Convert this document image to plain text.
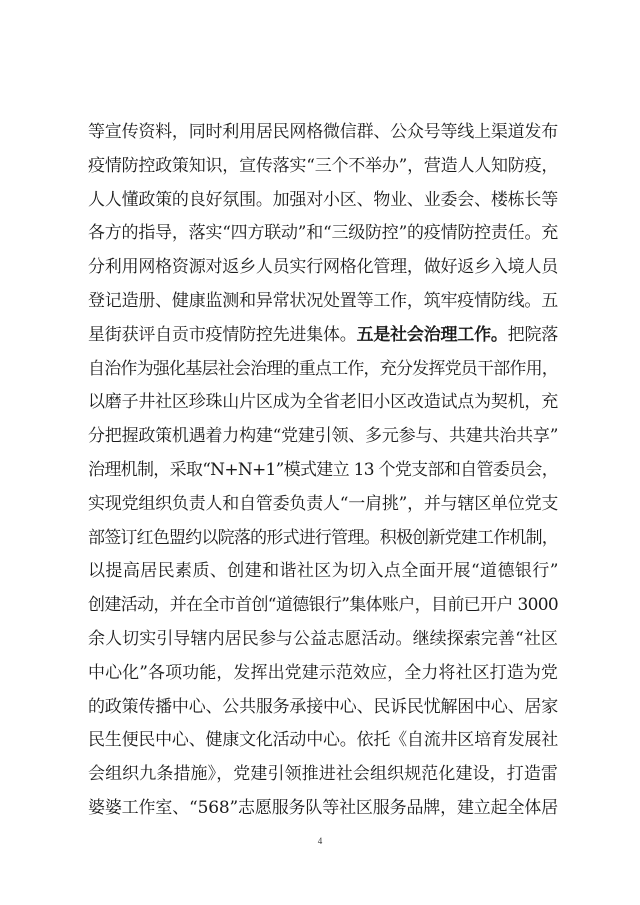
等宣传资料，同时利用居民网格微信群、公众号等线上渠道发布
疫情防控政策知识，宣传落实“三个不举办”，营造人人知防疫，
人人懂政策的良好氛围。加强对小区、物业、业委会、楼栋长等
各方的指导，落实“四方联动”和“三级防控”的疫情防控责任。充
分利用网格资源对返乡人员实行网格化管理，做好返乡入境人员
登记造册、健康监测和异常状况处置等工作，筑牢疫情防线。五
星街获评自贡市疫情防控先进集体。五是社会治理工作。把院落
自治作为强化基层社会治理的重点工作，充分发挥党员干部作用，
以磨子井社区珍珠山片区成为全省老旧小区改造试点为契机，充
分把握政策机遇着力构建“党建引领、多元参与、共建共治共享”
治理机制，采取“N+N+1”模式建立 13 个党支部和自管委员会，
实现党组织负责人和自管委负责人“一肩挑”，并与辖区单位党支
部签订红色盟约以院落的形式进行管理。积极创新党建工作机制，
以提高居民素质、创建和谐社区为切入点全面开展“道德银行”
创建活动，并在全市首创“道德银行”集体账户，目前已开户 3000
余人切实引导辖内居民参与公益志愿活动。继续探索完善“社区
中心化”各项功能，发挥出党建示范效应，全力将社区打造为党
的政策传播中心、公共服务承接中心、民诉民忧解困中心、居家
民生便民中心、健康文化活动中心。依托《自流井区培育发展社
会组织九条措施》，党建引领推进社会组织规范化建设，打造雷
婆婆工作室、“568”志愿服务队等社区服务品牌，建立起全体居
4
